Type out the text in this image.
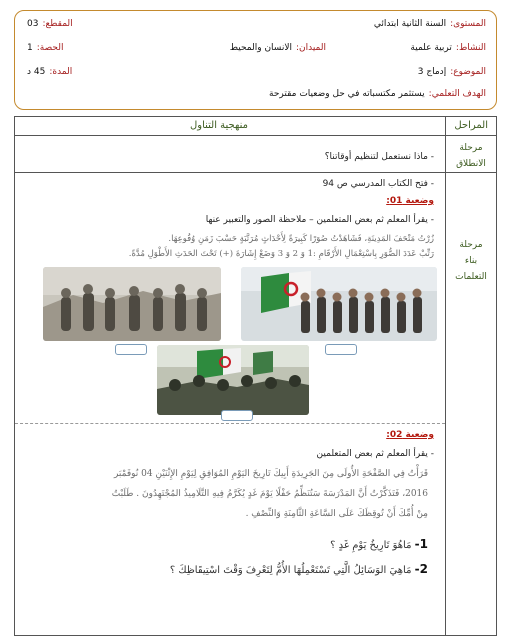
المستوى:
السنة الثانية ابتدائي
المقطع:
03
النشاط:
تربية علمية
الميدان:
الانسان والمحيط
الحصة:
1
الموضوع:
إدماج 3
المدة:
45 د
الهدف التعلمي:
يستثمر مكتسباته في حل وضعيات مقترحة
المراحل
منهجية التناول
مرحلة
الانطلاق
- ماذا نستعمل لتنظيم أوقاتنا؟
مرحلة
بناء
التعلمات
- فتح الكتاب المدرسي ص 94
وضعية 01:
- يقرأ المعلم ثم بعض المتعلمين – ملاحظة الصور والتعبير عنها
زُرْتُ مَتْحَفَ المَدِينَةِ، فَشَاهَدْتُ صُوَرًا كَبِيرَةً لِأَحْدَاثٍ مُرَتَّبَةٍ حَسْبَ زَمَنِ وُقُوعِهَا.
رَتِّبْ عَدَدَ الصُّوَرِ بِاسْتِعْمَالِ الأَرْقَامِ :1 وَ 2 وَ 3 وَضَعْ إِشَارَةَ (+) تَحْتَ الحَدَثِ الأَطْوَلِ مُدَّةً.
وضعية 02:
- يقرأ المعلم ثم بعض المتعلمين
قَرَأْتُ فِي الصَّفْحَةِ الأُولَى مِنَ الجَرِيدَةِ أَبِيكَ تَارِيخَ اليَوْمِ المُوَافِقِ لِيَوْمِ الإِثْنَيْنِ 04 نُوفَمْبَر
2016، فَتَذَكَّرْتُ أَنَّ المَدْرَسَةَ سَتُنَظِّمُ حَفْلًا يَوْمَ غَدٍ يُكَرَّمُ فِيهِ التَّلَامِيذُ المُجْتَهِدُونَ . طَلَبْتُ
مِنْ أُمِّكَ أَنْ تُوقِظَكَ عَلَى السَّاعَةِ الثَّامِنَةِ وَالنِّصْفِ .
1- مَاهُوَ تَارِيخُ يَوْمِ غَدٍ ؟
2- مَاهِيَ الوَسَائِلُ الَّتِي تَسْتَعْمِلُهَا الأُمُّ لِتَعْرِفَ وَقْتَ اسْتِيقَاظِكَ ؟
